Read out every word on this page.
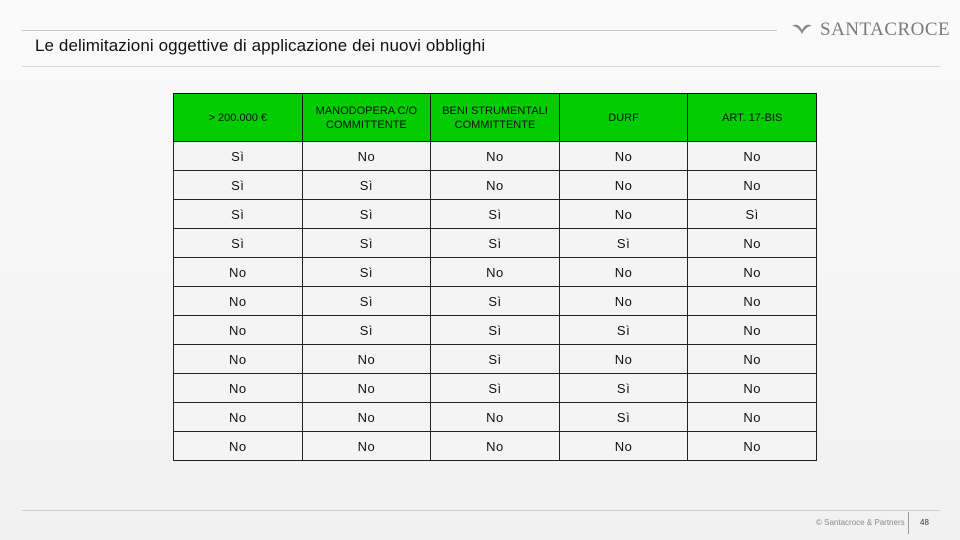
SANTACROCE
Le delimitazioni oggettive di applicazione dei nuovi obblighi
> 200.000 €	MANODOPERA C/O COMMITTENTE	BENI STRUMENTALI COMMITTENTE	DURF	ART. 17-BIS
Sì	No	No	No	No
Sì	Sì	No	No	No
Sì	Sì	Sì	No	Sì
Sì	Sì	Sì	Sì	No
No	Sì	No	No	No
No	Sì	Sì	No	No
No	Sì	Sì	Sì	No
No	No	Sì	No	No
No	No	Sì	Sì	No
No	No	No	Sì	No
No	No	No	No	No
© Santacroce & Partners 48
